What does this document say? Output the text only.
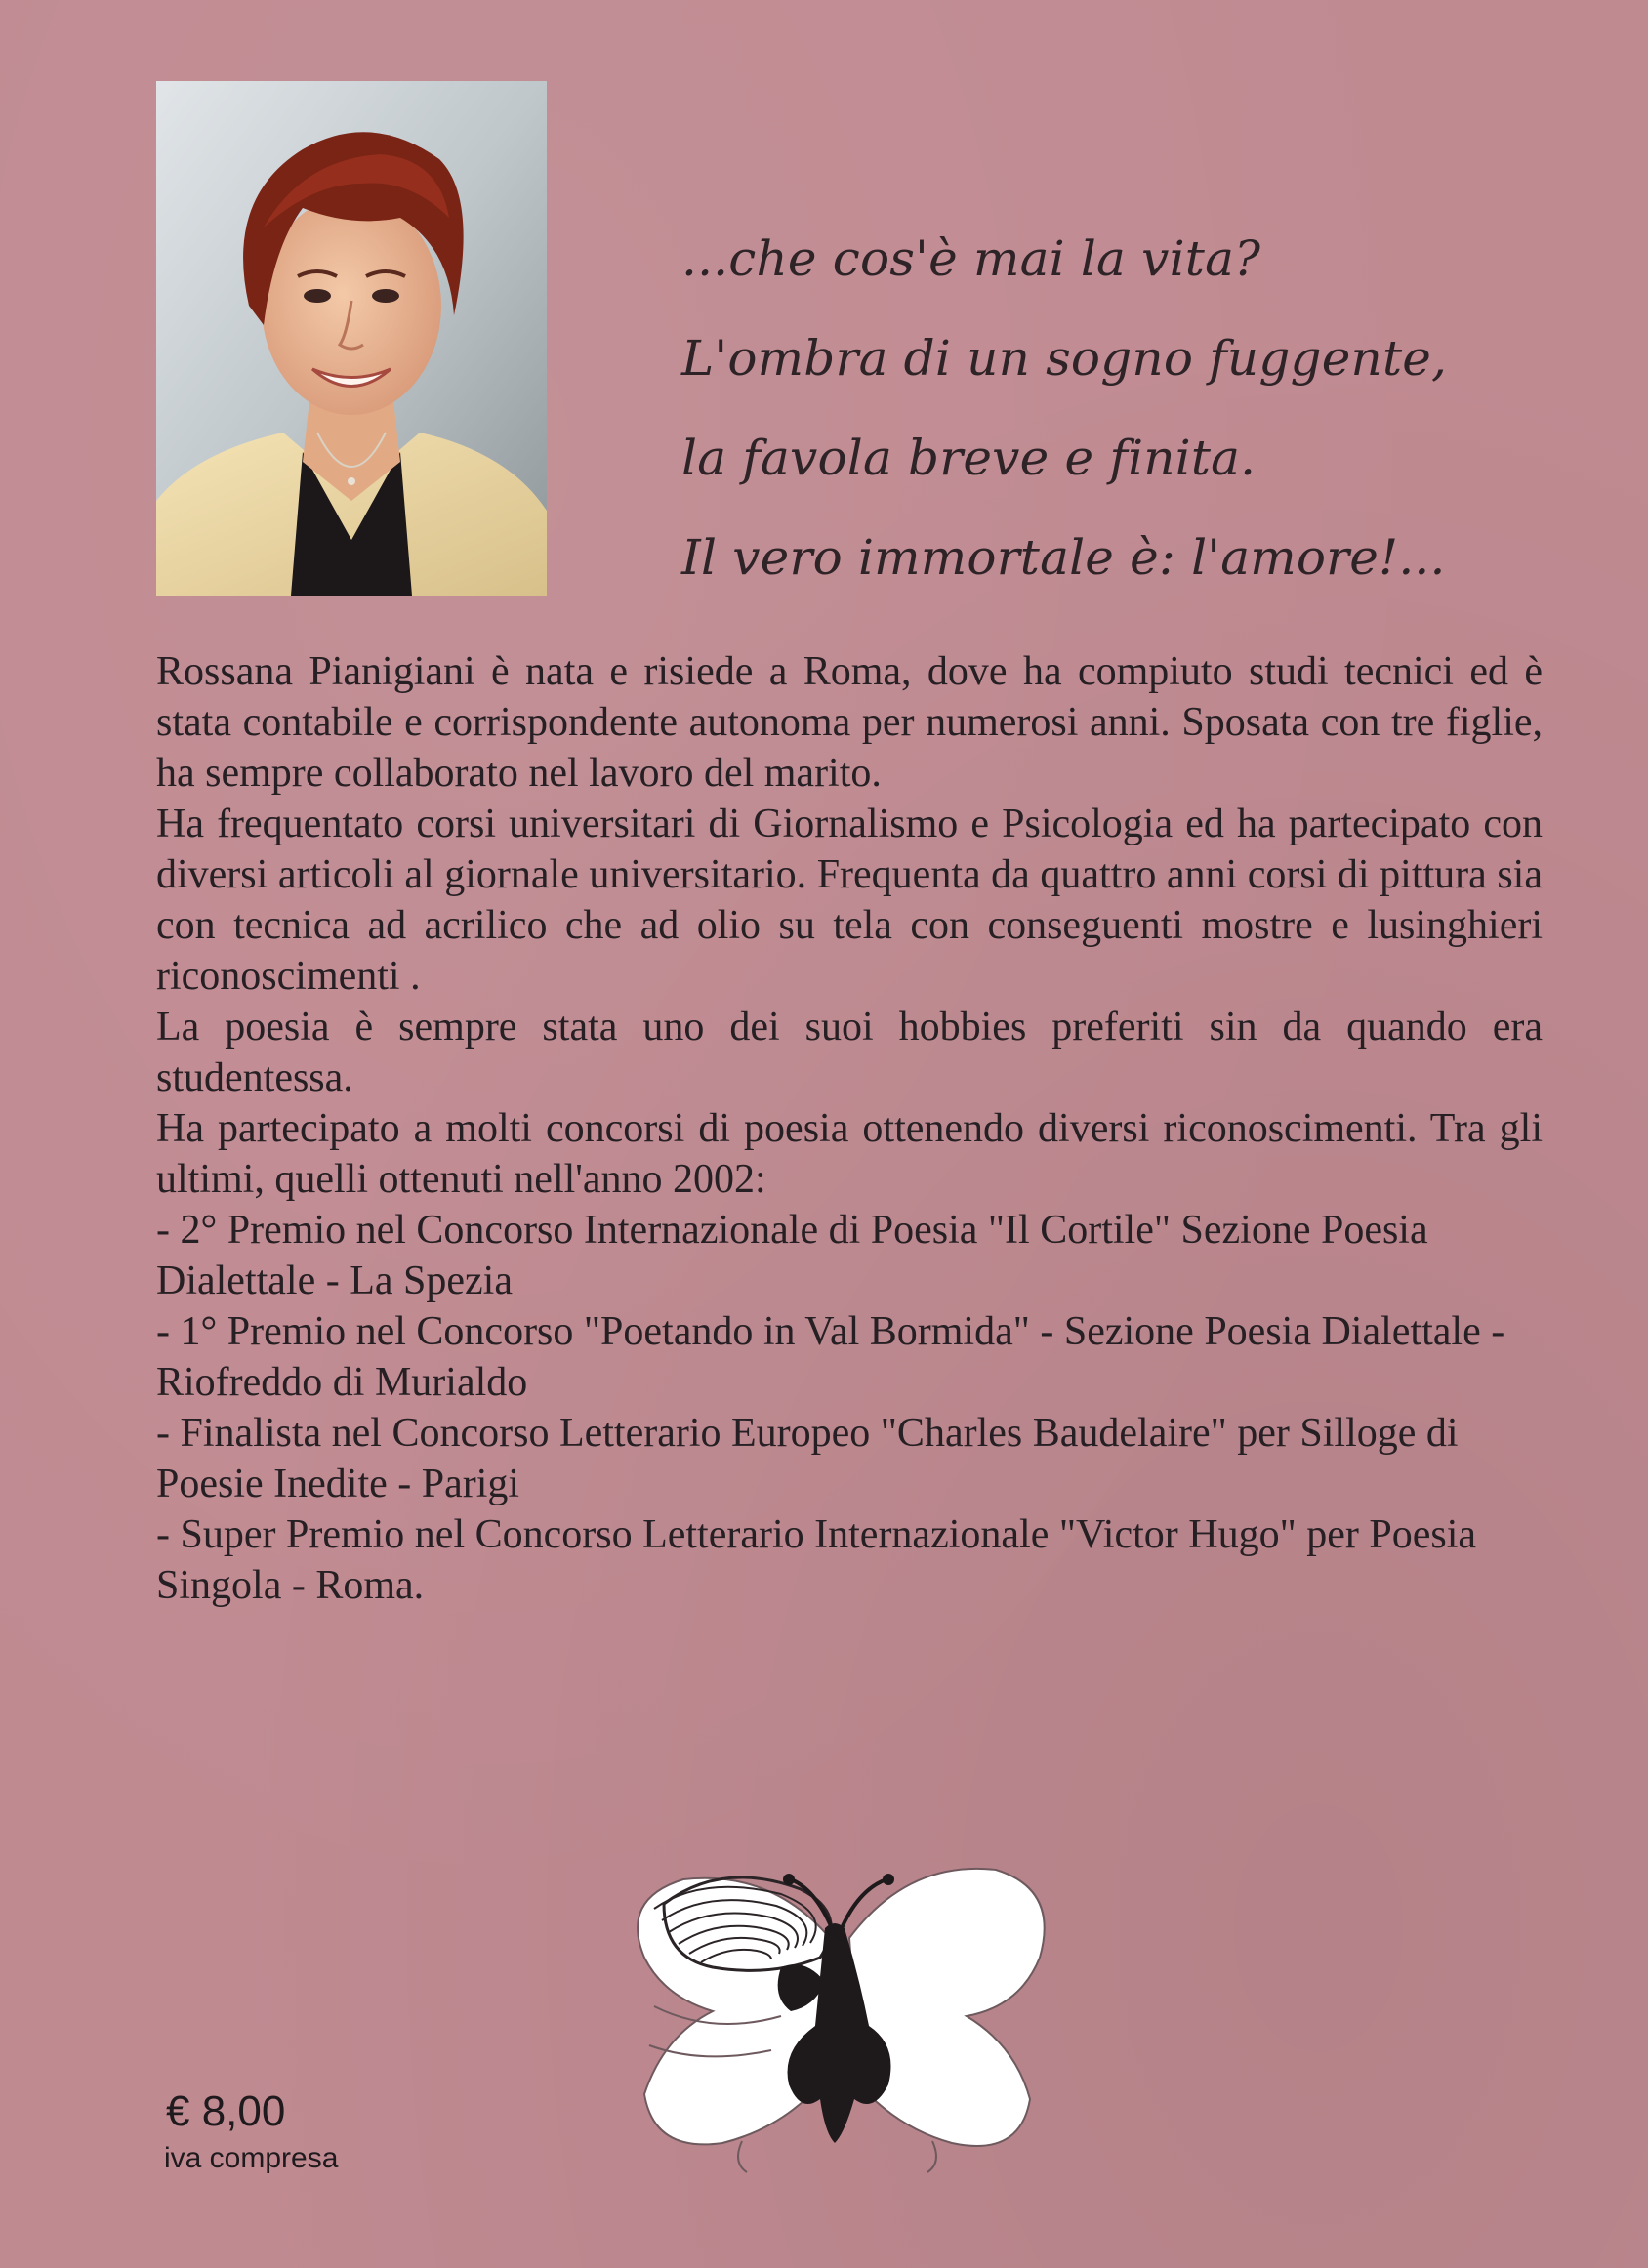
...che cos'è mai la vita?

L'ombra di un sogno fuggente,

la favola breve e finita.

Il vero immortale è: l'amore!...

Rossana Pianigiani è nata e risiede a Roma, dove ha compiuto studi tecnici ed è stata contabile e corrispondente autonoma per numerosi anni. Sposata con tre figlie, ha sempre collaborato nel lavoro del marito.

Ha frequentato corsi universitari di Giornalismo e Psicologia ed ha partecipato con diversi articoli al giornale universitario. Frequenta da quattro anni corsi di pittura sia con tecnica ad acrilico che ad olio su tela con conseguenti mostre e lusinghieri riconoscimenti .

La poesia è sempre stata uno dei suoi hobbies preferiti sin da quando era studentessa.

Ha partecipato a molti concorsi di poesia ottenendo diversi riconoscimenti. Tra gli ultimi, quelli ottenuti nell'anno 2002:

- 2° Premio nel Concorso Internazionale di Poesia "Il Cortile" Sezione Poesia Dialettale - La Spezia

- 1° Premio nel Concorso "Poetando in Val Bormida" - Sezione Poesia Dialettale - Riofreddo di Murialdo

- Finalista nel Concorso Letterario Europeo "Charles Baudelaire" per Silloge di Poesie Inedite - Parigi

- Super Premio nel Concorso Letterario Internazionale "Victor Hugo" per Poesia Singola - Roma.

€ 8,00
iva compresa
